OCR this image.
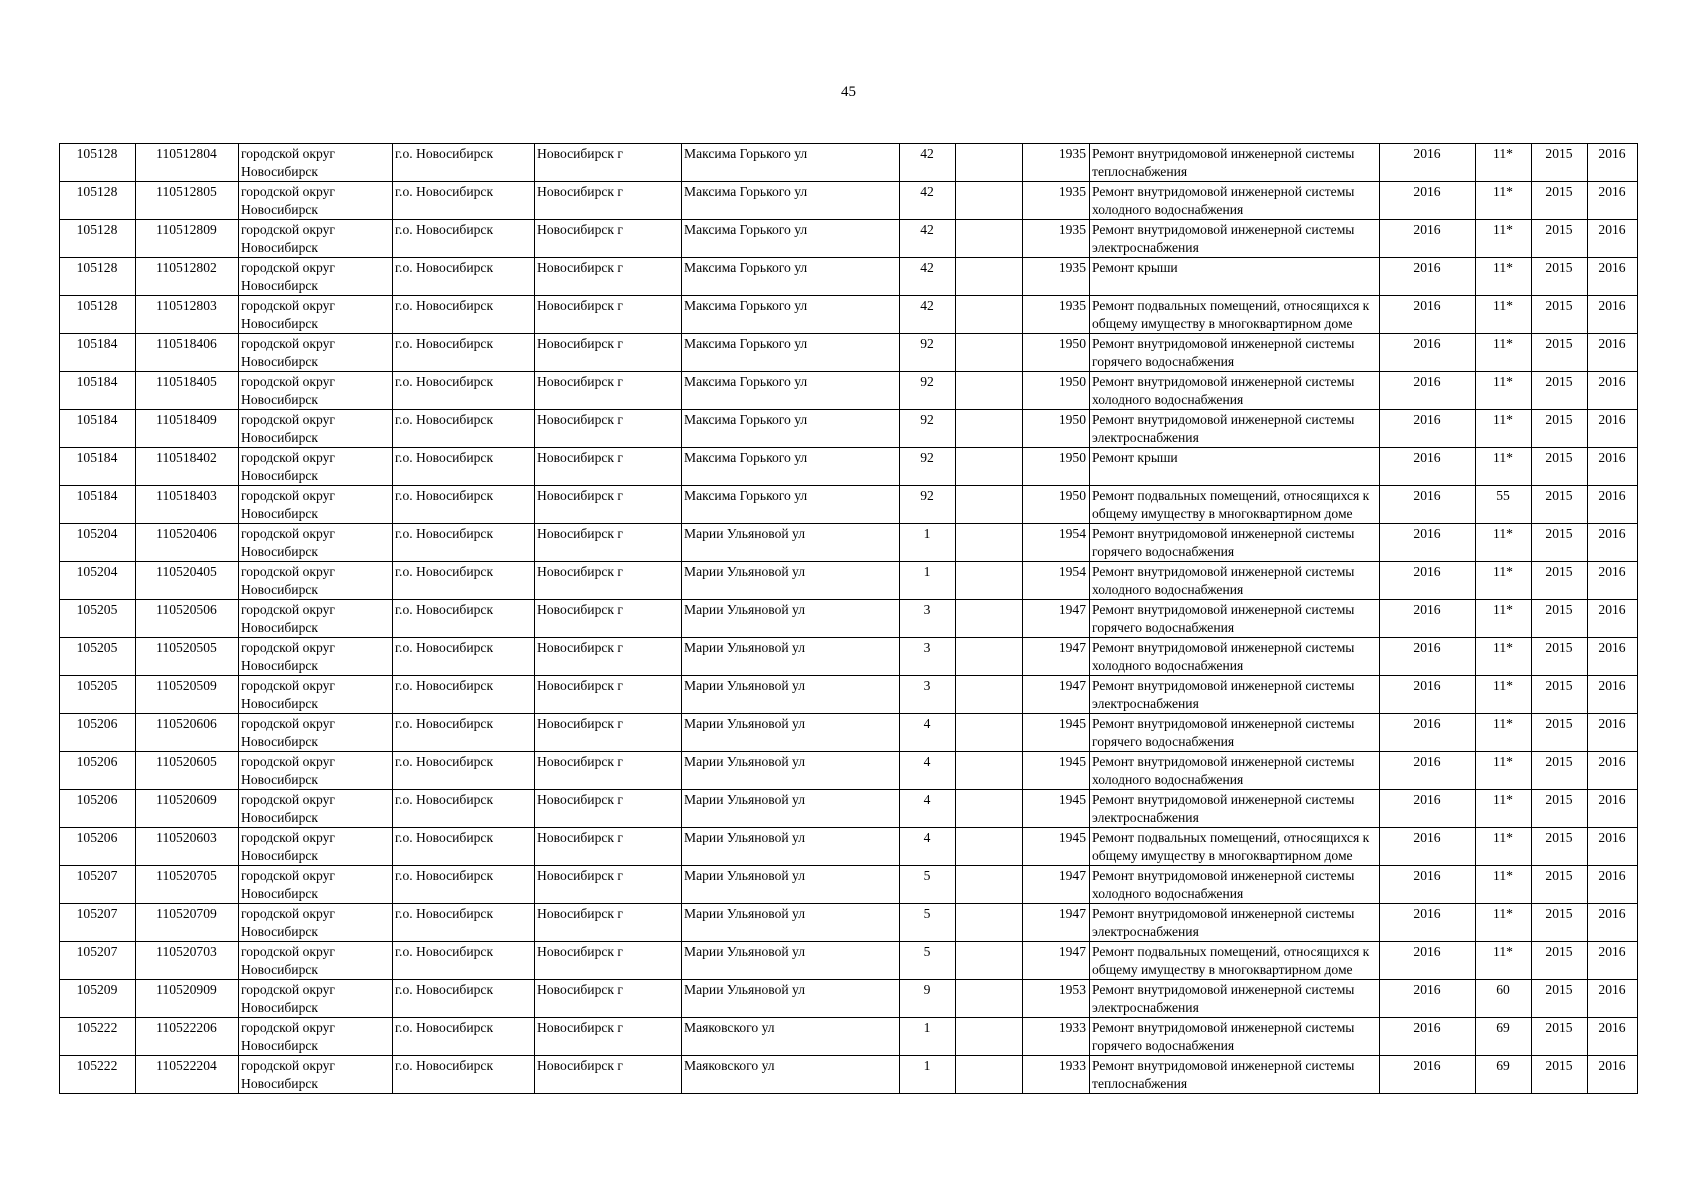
45
105128	110512804	городской округ Новосибирск	г.о. Новосибирск	Новосибирск г	Максима Горького ул	42		1935	Ремонт внутридомовой инженерной системы теплоснабжения	2016	11*	2015	2016
105128	110512805	городской округ Новосибирск	г.о. Новосибирск	Новосибирск г	Максима Горького ул	42		1935	Ремонт внутридомовой инженерной системы холодного водоснабжения	2016	11*	2015	2016
105128	110512809	городской округ Новосибирск	г.о. Новосибирск	Новосибирск г	Максима Горького ул	42		1935	Ремонт внутридомовой инженерной системы электроснабжения	2016	11*	2015	2016
105128	110512802	городской округ Новосибирск	г.о. Новосибирск	Новосибирск г	Максима Горького ул	42		1935	Ремонт крыши	2016	11*	2015	2016
105128	110512803	городской округ Новосибирск	г.о. Новосибирск	Новосибирск г	Максима Горького ул	42		1935	Ремонт подвальных помещений, относящихся к общему имуществу в многоквартирном доме	2016	11*	2015	2016
105184	110518406	городской округ Новосибирск	г.о. Новосибирск	Новосибирск г	Максима Горького ул	92		1950	Ремонт внутридомовой инженерной системы горячего водоснабжения	2016	11*	2015	2016
105184	110518405	городской округ Новосибирск	г.о. Новосибирск	Новосибирск г	Максима Горького ул	92		1950	Ремонт внутридомовой инженерной системы холодного водоснабжения	2016	11*	2015	2016
105184	110518409	городской округ Новосибирск	г.о. Новосибирск	Новосибирск г	Максима Горького ул	92		1950	Ремонт внутридомовой инженерной системы электроснабжения	2016	11*	2015	2016
105184	110518402	городской округ Новосибирск	г.о. Новосибирск	Новосибирск г	Максима Горького ул	92		1950	Ремонт крыши	2016	11*	2015	2016
105184	110518403	городской округ Новосибирск	г.о. Новосибирск	Новосибирск г	Максима Горького ул	92		1950	Ремонт подвальных помещений, относящихся к общему имуществу в многоквартирном доме	2016	55	2015	2016
105204	110520406	городской округ Новосибирск	г.о. Новосибирск	Новосибирск г	Марии Ульяновой ул	1		1954	Ремонт внутридомовой инженерной системы горячего водоснабжения	2016	11*	2015	2016
105204	110520405	городской округ Новосибирск	г.о. Новосибирск	Новосибирск г	Марии Ульяновой ул	1		1954	Ремонт внутридомовой инженерной системы холодного водоснабжения	2016	11*	2015	2016
105205	110520506	городской округ Новосибирск	г.о. Новосибирск	Новосибирск г	Марии Ульяновой ул	3		1947	Ремонт внутридомовой инженерной системы горячего водоснабжения	2016	11*	2015	2016
105205	110520505	городской округ Новосибирск	г.о. Новосибирск	Новосибирск г	Марии Ульяновой ул	3		1947	Ремонт внутридомовой инженерной системы холодного водоснабжения	2016	11*	2015	2016
105205	110520509	городской округ Новосибирск	г.о. Новосибирск	Новосибирск г	Марии Ульяновой ул	3		1947	Ремонт внутридомовой инженерной системы электроснабжения	2016	11*	2015	2016
105206	110520606	городской округ Новосибирск	г.о. Новосибирск	Новосибирск г	Марии Ульяновой ул	4		1945	Ремонт внутридомовой инженерной системы горячего водоснабжения	2016	11*	2015	2016
105206	110520605	городской округ Новосибирск	г.о. Новосибирск	Новосибирск г	Марии Ульяновой ул	4		1945	Ремонт внутридомовой инженерной системы холодного водоснабжения	2016	11*	2015	2016
105206	110520609	городской округ Новосибирск	г.о. Новосибирск	Новосибирск г	Марии Ульяновой ул	4		1945	Ремонт внутридомовой инженерной системы электроснабжения	2016	11*	2015	2016
105206	110520603	городской округ Новосибирск	г.о. Новосибирск	Новосибирск г	Марии Ульяновой ул	4		1945	Ремонт подвальных помещений, относящихся к общему имуществу в многоквартирном доме	2016	11*	2015	2016
105207	110520705	городской округ Новосибирск	г.о. Новосибирск	Новосибирск г	Марии Ульяновой ул	5		1947	Ремонт внутридомовой инженерной системы холодного водоснабжения	2016	11*	2015	2016
105207	110520709	городской округ Новосибирск	г.о. Новосибирск	Новосибирск г	Марии Ульяновой ул	5		1947	Ремонт внутридомовой инженерной системы электроснабжения	2016	11*	2015	2016
105207	110520703	городской округ Новосибирск	г.о. Новосибирск	Новосибирск г	Марии Ульяновой ул	5		1947	Ремонт подвальных помещений, относящихся к общему имуществу в многоквартирном доме	2016	11*	2015	2016
105209	110520909	городской округ Новосибирск	г.о. Новосибирск	Новосибирск г	Марии Ульяновой ул	9		1953	Ремонт внутридомовой инженерной системы электроснабжения	2016	60	2015	2016
105222	110522206	городской округ Новосибирск	г.о. Новосибирск	Новосибирск г	Маяковского ул	1		1933	Ремонт внутридомовой инженерной системы горячего водоснабжения	2016	69	2015	2016
105222	110522204	городской округ Новосибирск	г.о. Новосибирск	Новосибирск г	Маяковского ул	1		1933	Ремонт внутридомовой инженерной системы теплоснабжения	2016	69	2015	2016
